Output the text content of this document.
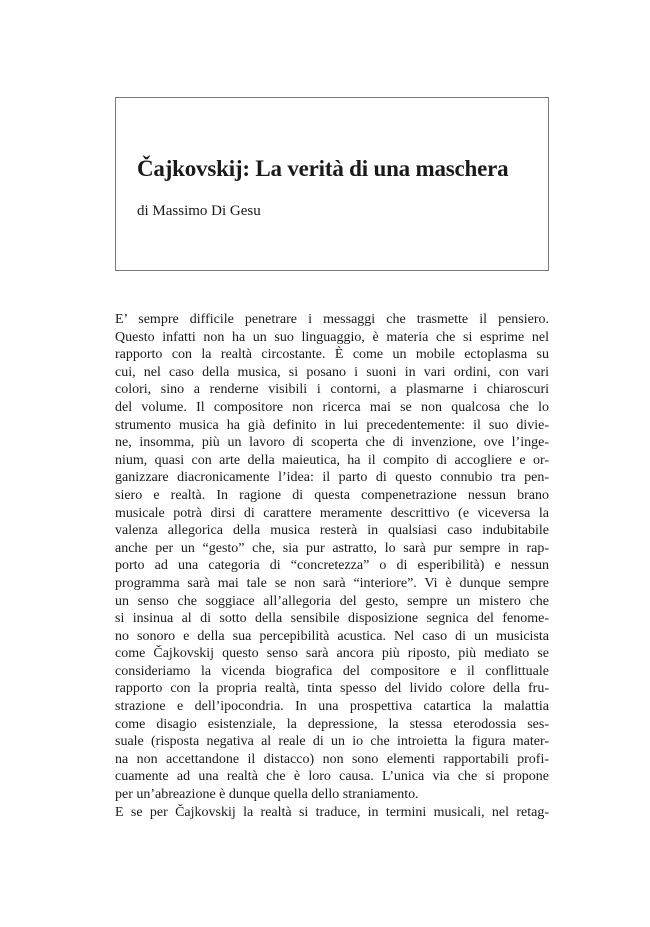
Čajkovskij: La verità di una maschera

di Massimo Di Gesu

E’ sempre difficile penetrare i messaggi che trasmette il pensiero.
Questo infatti non ha un suo linguaggio, è materia che si esprime nel
rapporto con la realtà circostante. È come un mobile ectoplasma su
cui, nel caso della musica, si posano i suoni in vari ordini, con vari
colori, sino a renderne visibili i contorni, a plasmarne i chiaroscuri
del volume. Il compositore non ricerca mai se non qualcosa che lo
strumento musica ha già definito in lui precedentemente: il suo divie-
ne, insomma, più un lavoro di scoperta che di invenzione, ove l’inge-
nium, quasi con arte della maieutica, ha il compito di accogliere e or-
ganizzare diacronicamente l’idea: il parto di questo connubio tra pen-
siero e realtà. In ragione di questa compenetrazione nessun brano
musicale potrà dirsi di carattere meramente descrittivo (e viceversa la
valenza allegorica della musica resterà in qualsiasi caso indubitabile
anche per un “gesto” che, sia pur astratto, lo sarà pur sempre in rap-
porto ad una categoria di “concretezza” o di esperibilità) e nessun
programma sarà mai tale se non sarà “interiore”. Vi è dunque sempre
un senso che soggiace all’allegoria del gesto, sempre un mistero che
si insinua al di sotto della sensibile disposizione segnica del fenome-
no sonoro e della sua percepibilità acustica. Nel caso di un musicista
come Čajkovskij questo senso sarà ancora più riposto, più mediato se
consideriamo la vicenda biografica del compositore e il conflittuale
rapporto con la propria realtà, tinta spesso del livido colore della fru-
strazione e dell’ipocondria. In una prospettiva catartica la malattia
come disagio esistenziale, la depressione, la stessa eterodossia ses-
suale (risposta negativa al reale di un io che introietta la figura mater-
na non accettandone il distacco) non sono elementi rapportabili profi-
cuamente ad una realtà che è loro causa. L’unica via che si propone
per un’abreazione è dunque quella dello straniamento.
E se per Čajkovskij la realtà si traduce, in termini musicali, nel retag-
